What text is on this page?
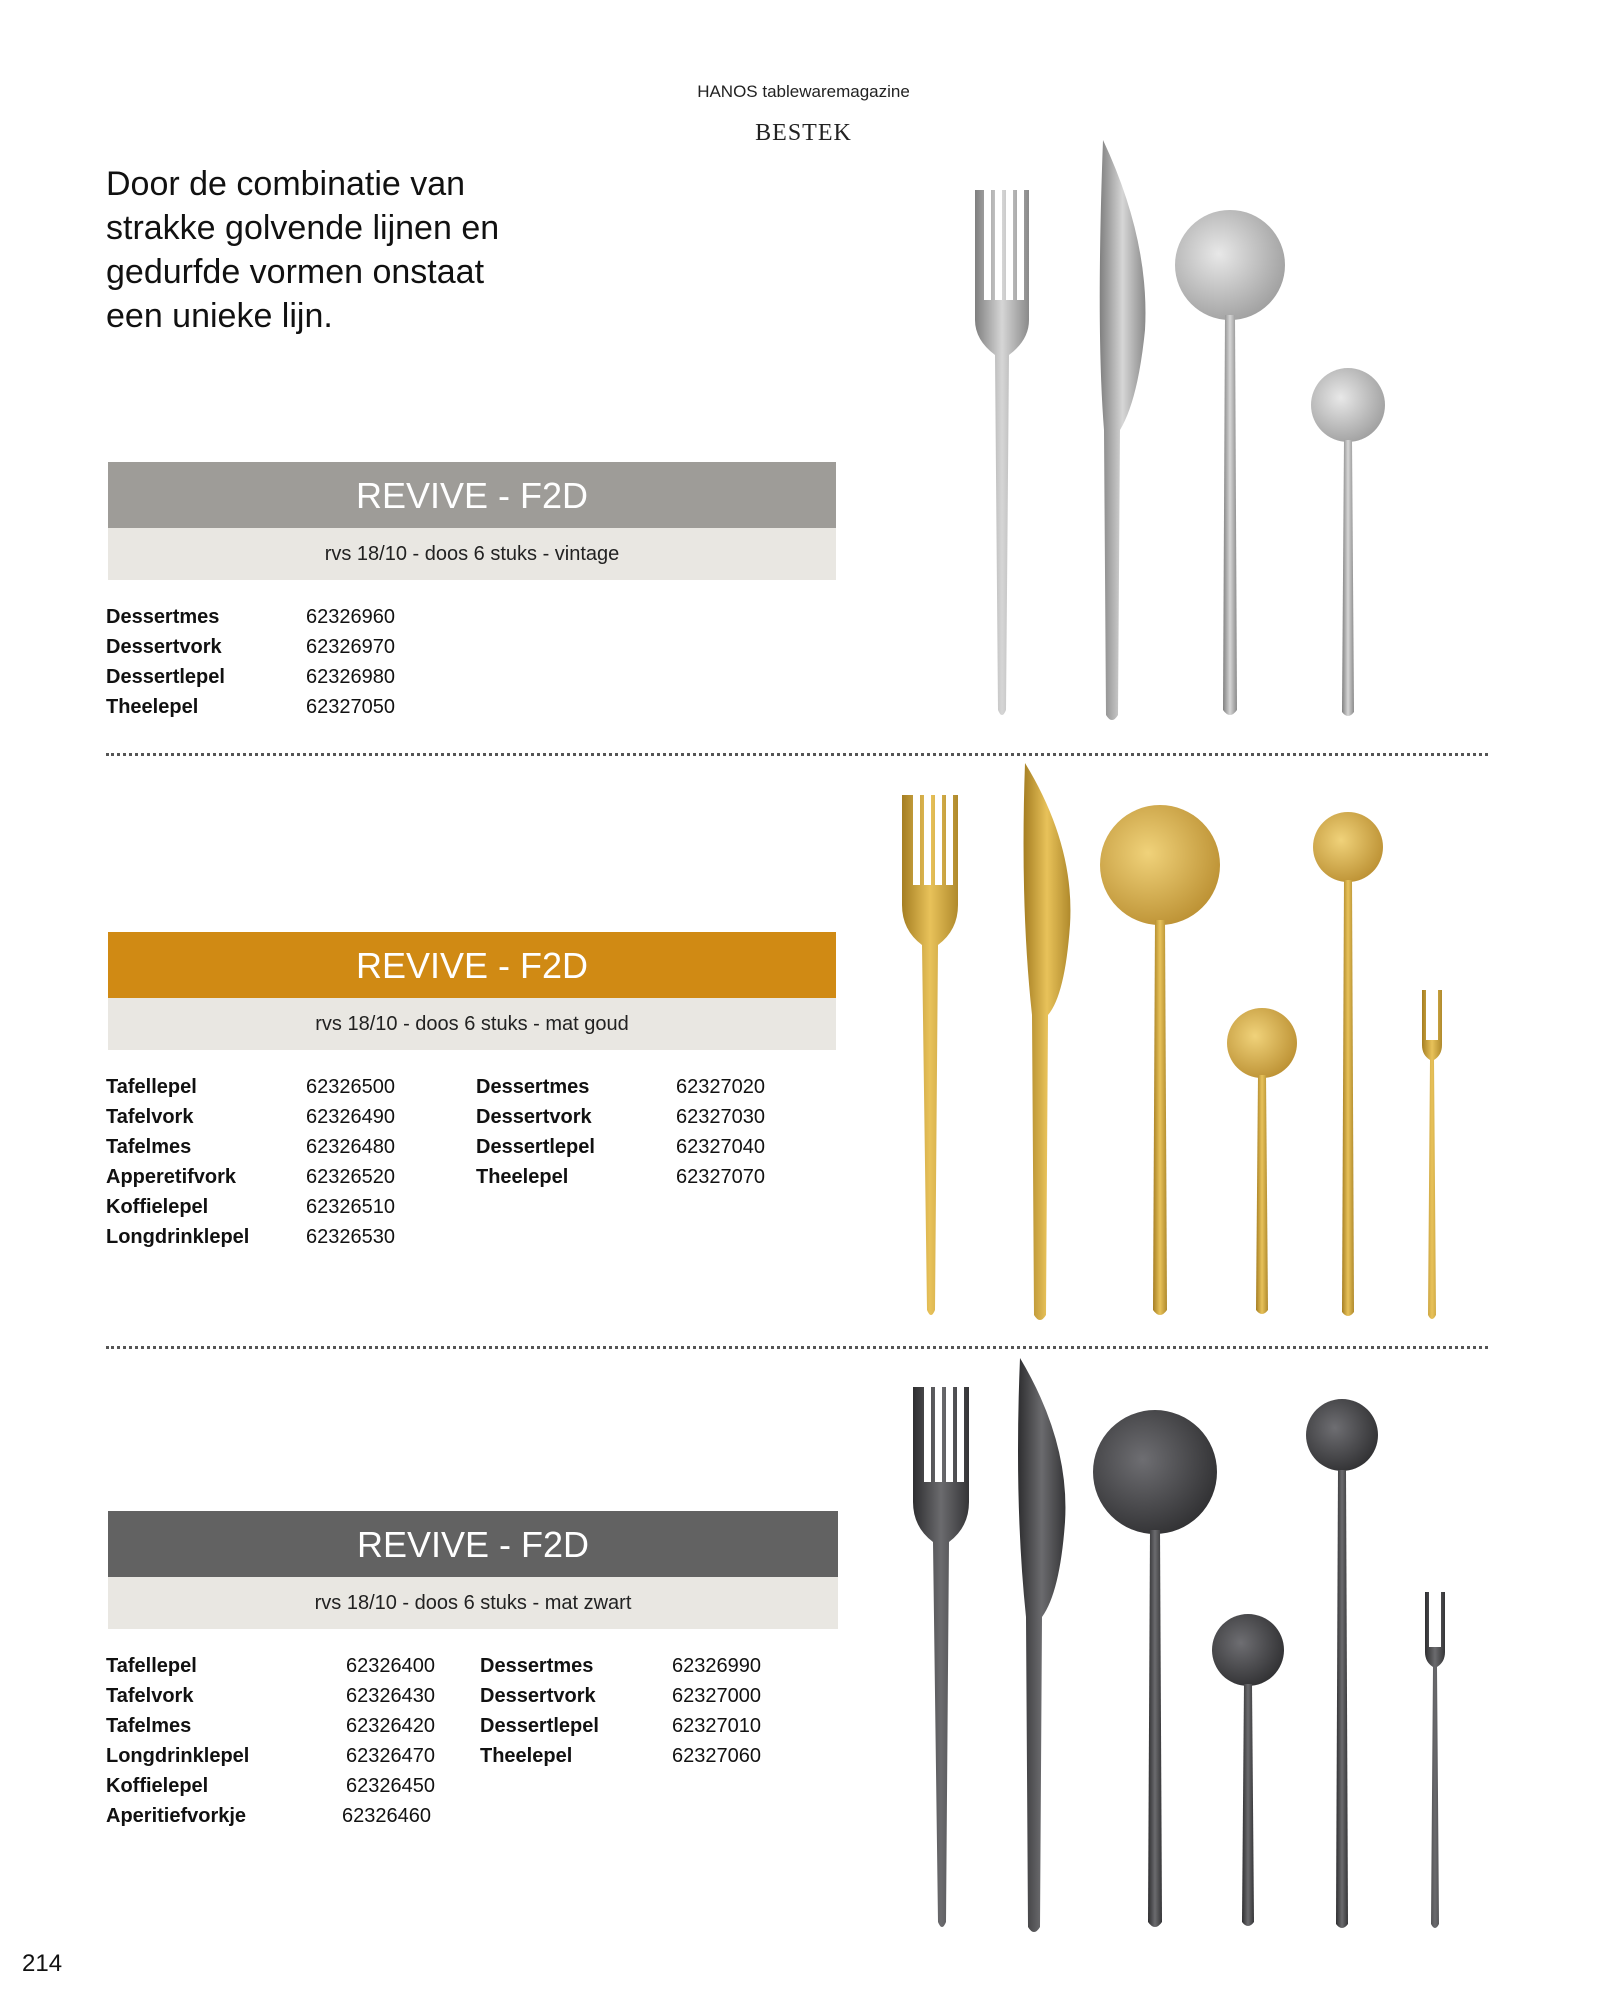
HANOS tablewaremagazine
BESTEK
Door de combinatie van strakke golvende lijnen en gedurfde vormen onstaat een unieke lijn.
REVIVE - F2D
rvs 18/10 - doos 6 stuks - vintage
Dessertmes	62326960
Dessertvork	62326970
Dessertlepel	62326980
Theelepel	62327050
REVIVE - F2D
rvs 18/10 - doos 6 stuks - mat goud
Tafellepel	62326500
Tafelvork	62326490
Tafelmes	62326480
Apperetifvork	62326520
Koffielepel	62326510
Longdrinklepel	62326530
Dessertmes	62327020
Dessertvork	62327030
Dessertlepel	62327040
Theelepel	62327070
REVIVE - F2D
rvs 18/10 - doos 6 stuks - mat zwart
Tafellepel	62326400
Tafelvork	62326430
Tafelmes	62326420
Longdrinklepel	62326470
Koffielepel	62326450
Aperitiefvorkje	62326460
Dessertmes	62326990
Dessertvork	62327000
Dessertlepel	62327010
Theelepel	62327060
214
